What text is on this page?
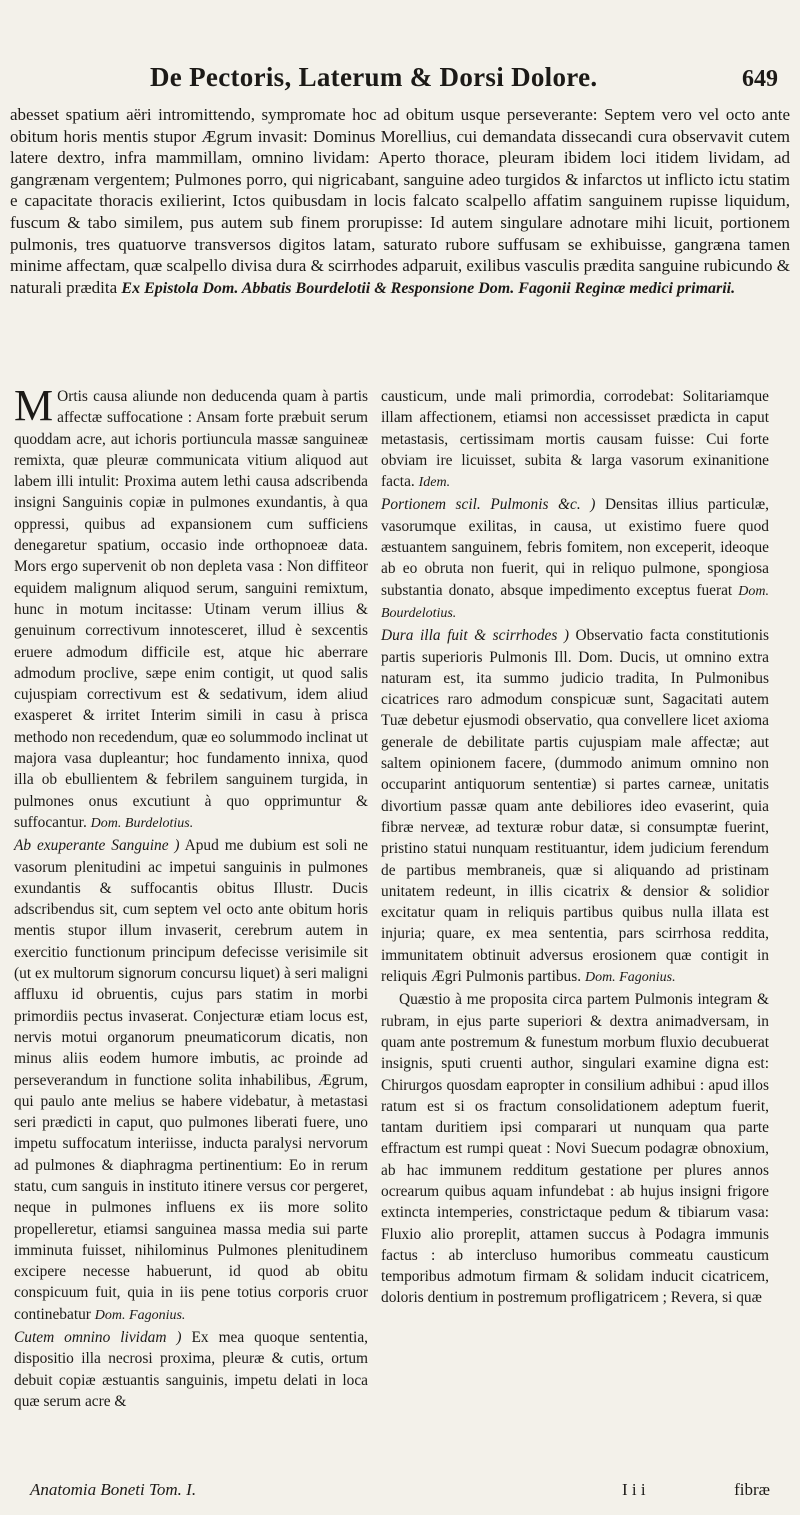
De Pectoris, Laterum & Dorsi Dolore.	649
abesset spatium aëri intromittendo, sympromate hoc ad obitum usque perseverante: Septem vero vel octo ante obitum horis mentis stupor Ægrum invasit: Dominus Morellius, cui demandata dissecandi cura observavit cutem latere dextro, infra mammillam, omnino lividam: Aperto thorace, pleuram ibidem loci itidem lividam, ad gangrænam vergentem; Pulmones porro, qui nigricabant, sanguine adeo turgidos & infarctos ut inflicto ictu statim e capacitate thoracis exilierint, Ictos quibusdam in locis falcato scalpello affatim sanguinem rupisse liquidum, fuscum & tabo similem, pus autem sub finem prorupisse: Id autem singulare adnotare mihi licuit, portionem pulmonis, tres quatuorve transversos digitos latam, saturato rubore suffusam se exhibuisse, gangræna tamen minime affectam, quæ scalpello divisa dura & scirrhodes adparuit, exilibus vasculis prædita sanguine rubicundo & naturali prædita Ex Epistola Dom. Abbatis Bourdelotii & Responsione Dom. Fagonii Reginæ medici primarii.

M Ortis causa aliunde non deducenda quam à partis affectæ suffocatione : Ansam forte præbuit serum quoddam acre, aut ichoris portiuncula massæ sanguineæ remixta, quæ pleuræ communicata vitium aliquod aut labem illi intulit: Proxima autem lethi causa adscribenda insigni Sanguinis copiæ in pulmones exundantis, à qua oppressi, quibus ad expansionem cum sufficiens denegaretur spatium, occasio inde orthopnoeæ data. Mors ergo supervenit ob non depleta vasa : Non diffiteor equidem malignum aliquod serum, sanguini remixtum, hunc in motum incitasse: Utinam verum illius & genuinum correctivum innotesceret, illud è sexcentis eruere admodum difficile est, atque hic aberrare admodum proclive, sæpe enim contigit, ut quod salis cujuspiam correctivum est & sedativum, idem aliud exasperet & irritet Interim simili in casu à prisca methodo non recedendum, quæ eo solummodo inclinat ut majora vasa dupleantur; hoc fundamento innixa, quod illa ob ebullientem & febrilem sanguinem turgida, in pulmones onus excutiunt à quo opprimuntur & suffocantur. Dom. Burdelotius.

Ab exuperante Sanguine ) Apud me dubium est soli ne vasorum plenitudini ac impetui sanguinis in pulmones exundantis & suffocantis obitus Illustr. Ducis adscribendus sit, cum septem vel octo ante obitum horis mentis stupor illum invaserit, cerebrum autem in exercitio functionum principum defecisse verisimile sit (ut ex multorum signorum concursu liquet) à seri maligni affluxu id obruentis, cujus pars statim in morbi primordiis pectus invaserat. Conjecturæ etiam locus est, nervis motui organorum pneumaticorum dicatis, non minus aliis eodem humore imbutis, ac proinde ad perseverandum in functione solita inhabilibus, Ægrum, qui paulo ante melius se habere videbatur, à metastasi seri prædicti in caput, quo pulmones liberati fuere, uno impetu suffocatum interiisse, inducta paralysi nervorum ad pulmones & diaphragma pertinentium: Eo in rerum statu, cum sanguis in instituto itinere versus cor pergeret, neque in pulmones influens ex iis more solito propelleretur, etiamsi sanguinea massa media sui parte imminuta fuisset, nihilominus Pulmones plenitudinem excipere necesse habuerunt, id quod ab obitu conspicuum fuit, quia in iis pene totius corporis cruor continebatur Dom. Fagonius.

Cutem omnino lividam ) Ex mea quoque sententia, dispositio illa necrosi proxima, pleuræ & cutis, ortum debuit copiæ æstuantis sanguinis, impetu delati in loca quæ serum acre &

causticum, unde mali primordia, corrodebat: Solitariamque illam affectionem, etiamsi non accessisset prædicta in caput metastasis, certissimam mortis causam fuisse: Cui forte obviam ire licuisset, subita & larga vasorum exinanitione facta. Idem.

Portionem scil. Pulmonis &c. ) Densitas illius particulæ, vasorumque exilitas, in causa, ut existimo fuere quod æstuantem sanguinem, febris fomitem, non exceperit, ideoque ab eo obruta non fuerit, qui in reliquo pulmone, spongiosa substantia donato, absque impedimento exceptus fuerat Dom. Bourdelotius.

Dura illa fuit & scirrhodes ) Observatio facta constitutionis partis superioris Pulmonis Ill. Dom. Ducis, ut omnino extra naturam est, ita summo judicio tradita, In Pulmonibus cicatrices raro admodum conspicuæ sunt, Sagacitati autem Tuæ debetur ejusmodi observatio, qua convellere licet axioma generale de debilitate partis cujuspiam male affectæ; aut saltem opinionem facere, (dummodo animum omnino non occuparint antiquorum sententiæ) si partes carneæ, unitatis divortium passæ quam ante debiliores ideo evaserint, quia fibræ nerveæ, ad texturæ robur datæ, si consumptæ fuerint, pristino statui nunquam restituantur, idem judicium ferendum de partibus membraneis, quæ si aliquando ad pristinam unitatem redeunt, in illis cicatrix & densior & solidior excitatur quam in reliquis partibus quibus nulla illata est injuria; quare, ex mea sententia, pars scirrhosa reddita, immunitatem obtinuit adversus erosionem quæ contigit in reliquis Ægri Pulmonis partibus. Dom. Fagonius.

Quæstio à me proposita circa partem Pulmonis integram & rubram, in ejus parte superiori & dextra animadversam, in quam ante postremum & funestum morbum fluxio decubuerat insignis, sputi cruenti author, singulari examine digna est: Chirurgos quosdam eapropter in consilium adhibui : apud illos ratum est si os fractum consolidationem adeptum fuerit, tantam duritiem ipsi comparari ut nunquam qua parte effractum est rumpi queat : Novi Suecum podagræ obnoxium, ab hac immunem redditum gestatione per plures annos ocrearum quibus aquam infundebat : ab hujus insigni frigore extincta intemperies, constrictaque pedum & tibiarum vasa: Fluxio alio proreplit, attamen succus à Podagra immunis factus : ab intercluso humoribus commeatu causticum temporibus admotum firmam & solidam inducit cicatricem, doloris dentium in postremum profligatricem ; Revera, si quæ

Anatomia Boneti Tom. I.	I i i	fibræ
